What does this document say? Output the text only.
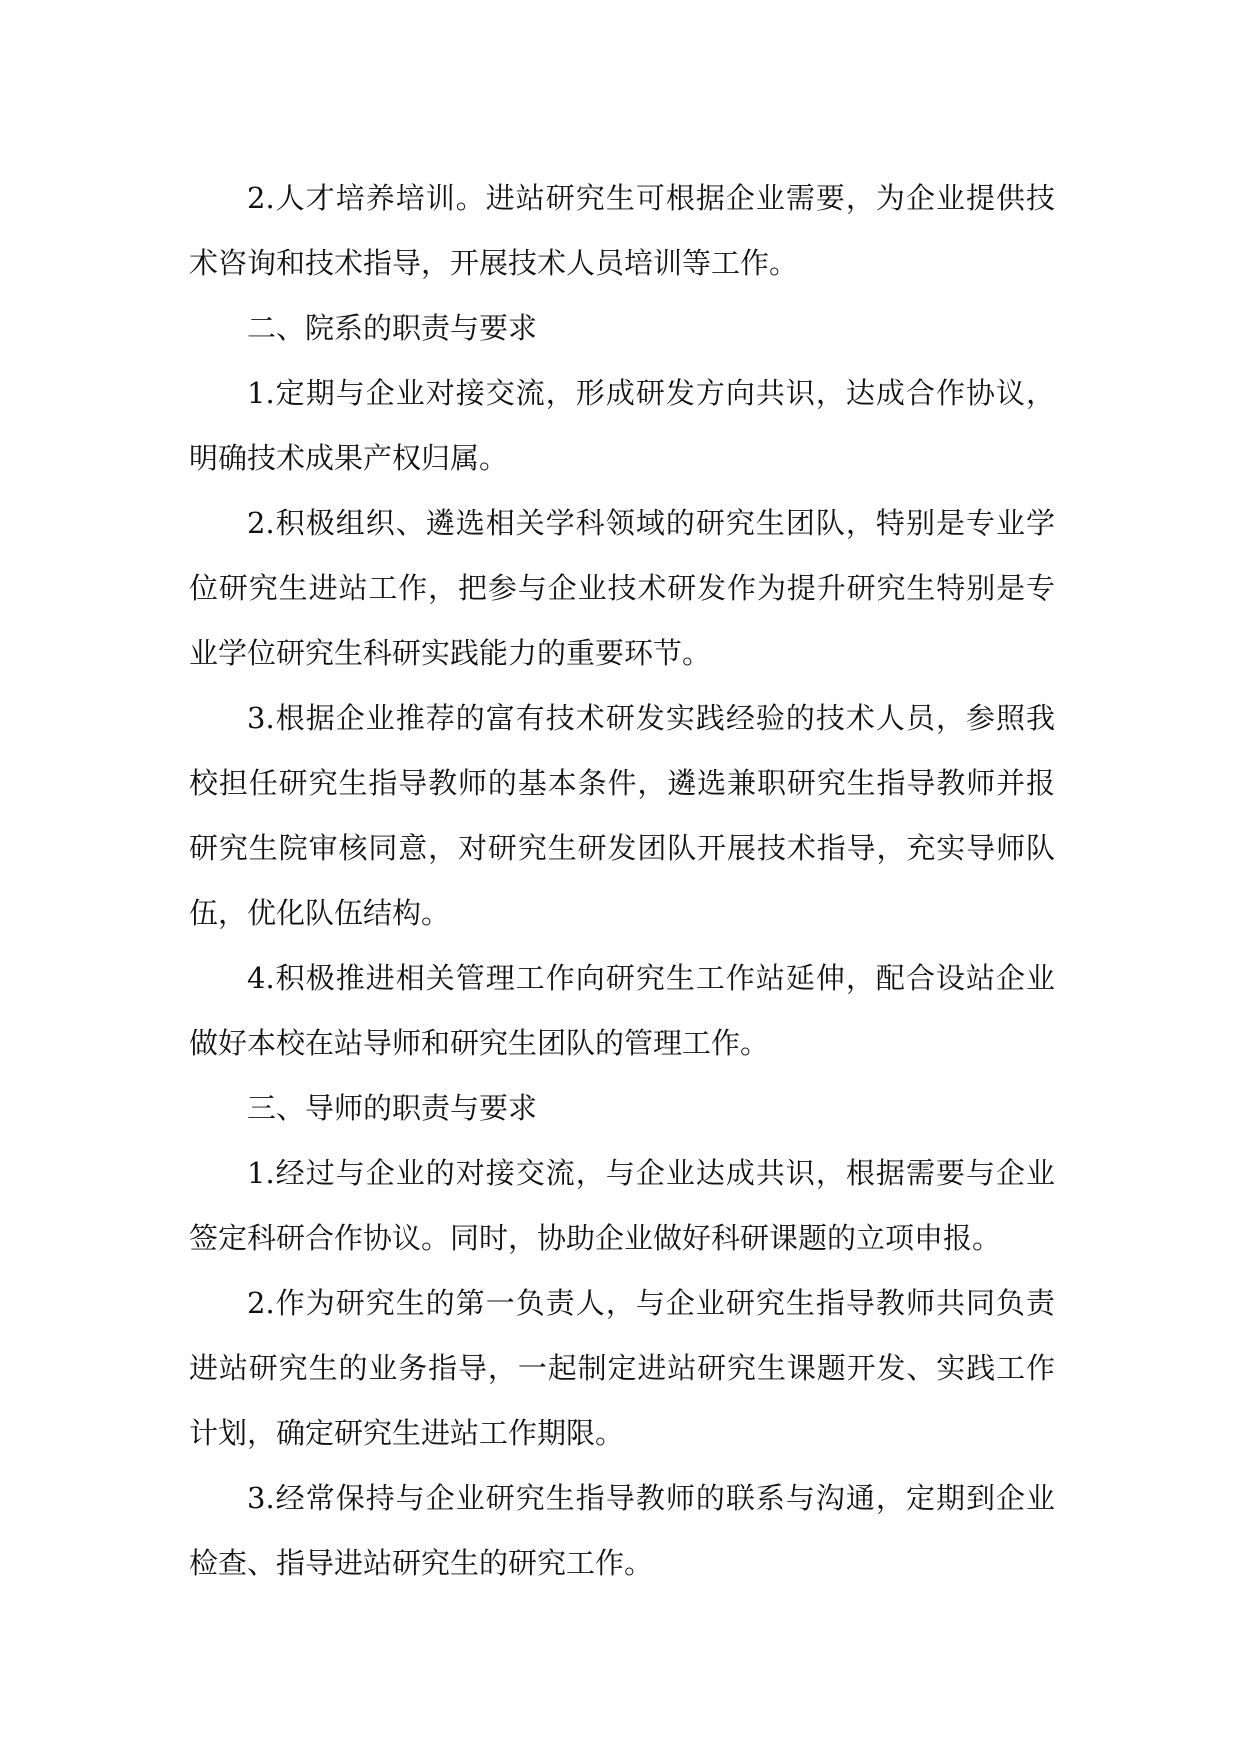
2.人才培养培训。进站研究生可根据企业需要，为企业提供技术咨询和技术指导，开展技术人员培训等工作。

二、院系的职责与要求

1.定期与企业对接交流，形成研发方向共识，达成合作协议，明确技术成果产权归属。

2.积极组织、遴选相关学科领域的研究生团队，特别是专业学位研究生进站工作，把参与企业技术研发作为提升研究生特别是专业学位研究生科研实践能力的重要环节。

3.根据企业推荐的富有技术研发实践经验的技术人员，参照我校担任研究生指导教师的基本条件，遴选兼职研究生指导教师并报研究生院审核同意，对研究生研发团队开展技术指导，充实导师队伍，优化队伍结构。

4.积极推进相关管理工作向研究生工作站延伸，配合设站企业做好本校在站导师和研究生团队的管理工作。

三、导师的职责与要求

1.经过与企业的对接交流，与企业达成共识，根据需要与企业签定科研合作协议。同时，协助企业做好科研课题的立项申报。

2.作为研究生的第一负责人，与企业研究生指导教师共同负责进站研究生的业务指导，一起制定进站研究生课题开发、实践工作计划，确定研究生进站工作期限。

3.经常保持与企业研究生指导教师的联系与沟通，定期到企业检查、指导进站研究生的研究工作。
